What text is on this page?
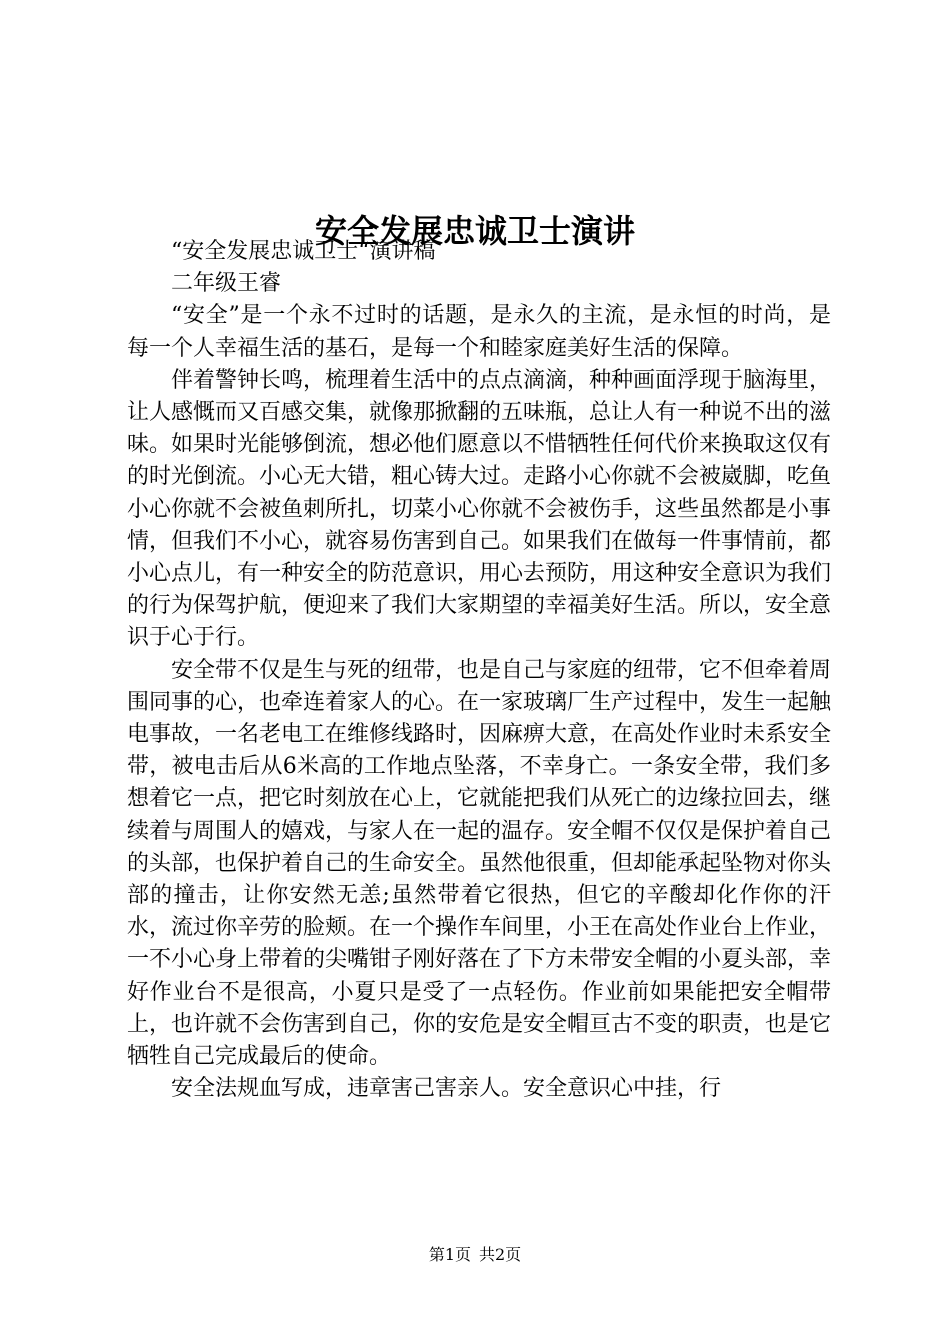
安全发展忠诚卫士演讲

“安全发展忠诚卫士“演讲稿

二年级王睿

“安全”是一个永不过时的话题，是永久的主流，是永恒的时尚，是每一个人幸福生活的基石，是每一个和睦家庭美好生活的保障。

伴着警钟长鸣，梳理着生活中的点点滴滴，种种画面浮现于脑海里，让人感慨而又百感交集，就像那掀翻的五味瓶，总让人有一种说不出的滋味。如果时光能够倒流，想必他们愿意以不惜牺牲任何代价来换取这仅有的时光倒流。小心无大错，粗心铸大过。走路小心你就不会被崴脚，吃鱼小心你就不会被鱼刺所扎，切菜小心你就不会被伤手，这些虽然都是小事情，但我们不小心，就容易伤害到自己。如果我们在做每一件事情前，都小心点儿，有一种安全的防范意识，用心去预防，用这种安全意识为我们的行为保驾护航，便迎来了我们大家期望的幸福美好生活。所以，安全意识于心于行。

安全带不仅是生与死的纽带，也是自己与家庭的纽带，它不但牵着周围同事的心，也牵连着家人的心。在一家玻璃厂生产过程中，发生一起触电事故，一名老电工在维修线路时，因麻痹大意，在高处作业时未系安全带，被电击后从6米高的工作地点坠落，不幸身亡。一条安全带，我们多想着它一点，把它时刻放在心上，它就能把我们从死亡的边缘拉回去，继续着与周围人的嬉戏，与家人在一起的温存。安全帽不仅仅是保护着自己的头部，也保护着自己的生命安全。虽然他很重，但却能承起坠物对你头部的撞击，让你安然无恙;虽然带着它很热，但它的辛酸却化作你的汗水，流过你辛劳的脸颊。在一个操作车间里，小王在高处作业台上作业，一不小心身上带着的尖嘴钳子刚好落在了下方未带安全帽的小夏头部，幸好作业台不是很高，小夏只是受了一点轻伤。作业前如果能把安全帽带上，也许就不会伤害到自己，你的安危是安全帽亘古不变的职责，也是它牺牲自己完成最后的使命。

安全法规血写成，违章害己害亲人。安全意识心中挂，行

第1页 共2页
